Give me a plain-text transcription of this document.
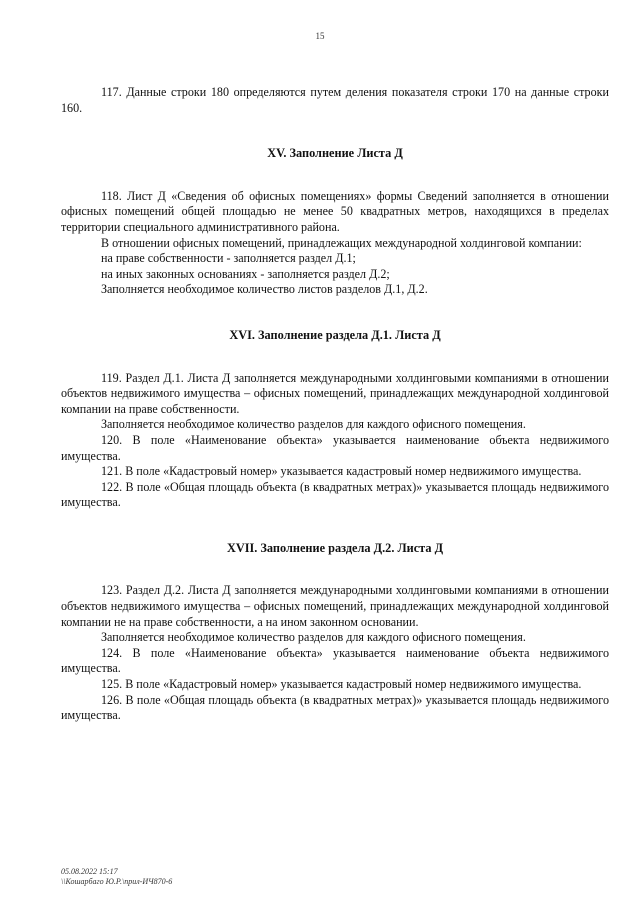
15

117. Данные строки 180 определяются путем деления показателя строки 170 на данные строки 160.

XV. Заполнение Листа Д

118. Лист Д «Сведения об офисных помещениях» формы Сведений заполняется в отношении офисных помещений общей площадью не менее 50 квадратных метров, находящихся в пределах территории специального административного района.

В отношении офисных помещений, принадлежащих международной холдинговой компании:

на праве собственности - заполняется раздел Д.1;

на иных законных основаниях - заполняется раздел Д.2;

Заполняется необходимое количество листов разделов Д.1, Д.2.

XVI. Заполнение раздела Д.1. Листа Д

119. Раздел Д.1. Листа Д заполняется международными холдинговыми компаниями в отношении объектов недвижимого имущества – офисных помещений, принадлежащих международной холдинговой компании на праве собственности.

Заполняется необходимое количество разделов для каждого офисного помещения.

120. В поле «Наименование объекта» указывается наименование объекта недвижимого имущества.

121. В поле «Кадастровый номер» указывается кадастровый номер недвижимого имущества.

122. В поле «Общая площадь объекта (в квадратных метрах)» указывается площадь недвижимого имущества.

XVII. Заполнение раздела Д.2. Листа Д

123. Раздел Д.2. Листа Д заполняется международными холдинговыми компаниями в отношении объектов недвижимого имущества – офисных помещений, принадлежащих международной холдинговой компании не на праве собственности, а на ином законном основании.

Заполняется необходимое количество разделов для каждого офисного помещения.

124. В поле «Наименование объекта» указывается наименование объекта недвижимого имущества.

125. В поле «Кадастровый номер» указывается кадастровый номер недвижимого имущества.

126. В поле «Общая площадь объекта (в квадратных метрах)» указывается площадь недвижимого имущества.

05.08.2022 15:17
\\Кошарбаго Ю.Р.\прил-ИЧ870-6
